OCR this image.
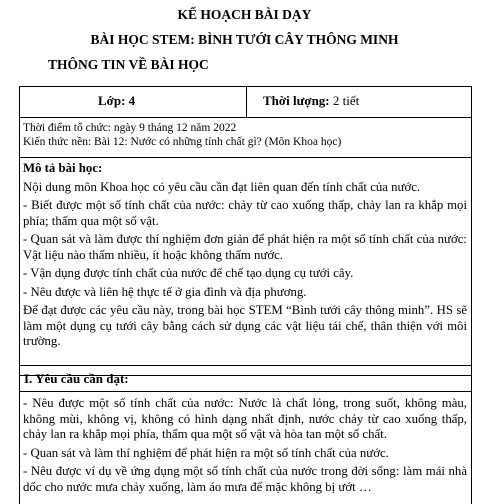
KẾ HOẠCH BÀI DẠY
BÀI HỌC STEM: BÌNH TƯỚI CÂY THÔNG MINH
THÔNG TIN VỀ BÀI HỌC
Lớp: 4	Thời lượng: 2 tiết
Thời điểm tổ chức: ngày 9 tháng 12 năm 2022
Kiến thức nền: Bài 12: Nước có những tính chất gì? (Môn Khoa học)
Mô tả bài học:
Nội dung môn Khoa học có yêu cầu cần đạt liên quan đến tính chất của nước.
- Biết được một số tính chất của nước: chảy từ cao xuống thấp, chảy lan ra khắp mọi phía; thấm qua một số vật.
- Quan sát và làm được thí nghiệm đơn giản để phát hiện ra một số tính chất của nước: Vật liệu nào thấm nhiều, ít hoặc không thấm nước.
- Vận dụng được tính chất của nước để chế tạo dụng cụ tưới cây.
- Nêu được và liên hệ thực tế ở gia đình và địa phương.
Để đạt được các yêu cầu này, trong bài học STEM “Bình tưới cây thông minh”. HS sẽ làm một dụng cụ tưới cây bằng cách sử dụng các vật liệu tái chế, thân thiện với môi trường.
I. Yêu cầu cần đạt:
- Nêu được một số tính chất của nước: Nước là chất lỏng, trong suốt, không màu, không mùi, không vị, không có hình dạng nhất định, nước chảy từ cao xuống thấp, chảy lan ra khắp mọi phía, thấm qua một số vật và hòa tan một số chất.
- Quan sát và làm thí nghiệm để phát hiện ra một số tính chất của nước.
- Nêu được ví dụ về ứng dụng một số tính chất của nước trong đời sống: làm mái nhà dốc cho nước mưa chảy xuống, làm áo mưa để mặc không bị ướt …
